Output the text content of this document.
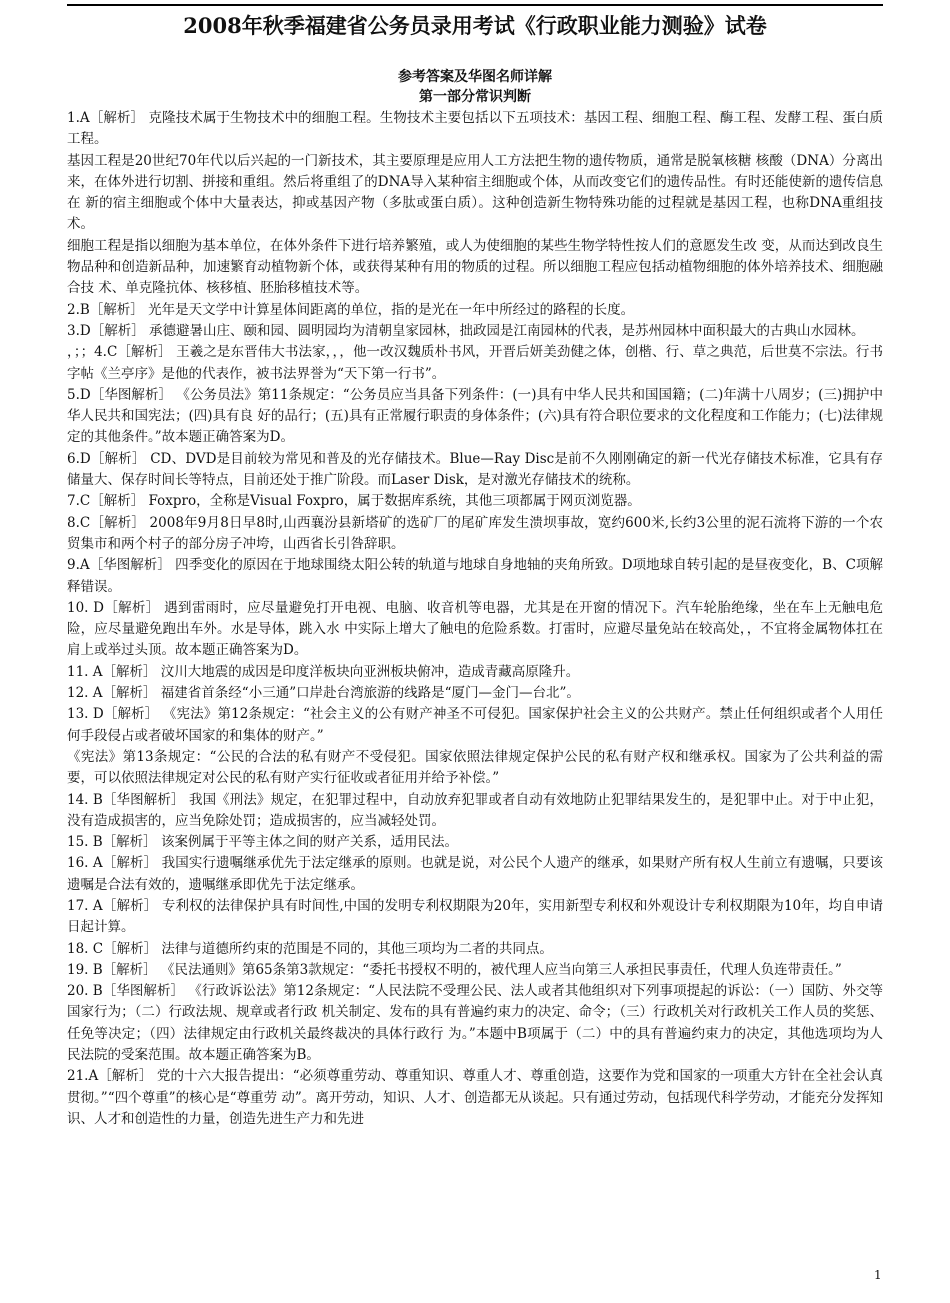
2008年秋季福建省公务员录用考试《行政职业能力测验》试卷
参考答案及华图名师详解
第一部分常识判断

1.A［解析］ 克隆技术属于生物技术中的细胞工程。生物技术主要包括以下五项技术：基因工程、细胞工程、酶工程、发酵工程、蛋白质工程。

基因工程是20世纪70年代以后兴起的一门新技术，其主要原理是应用人工方法把生物的遗传物质，通常是脱氧核糖 核酸（DNA）分离出来，在体外进行切割、拼接和重组。然后将重组了的DNA导入某种宿主细胞或个体，从而改变它们的遗传品性。有时还能使新的遗传信息在 新的宿主细胞或个体中大量表达，抑或基因产物（多肽或蛋白质）。这种创造新生物特殊功能的过程就是基因工程，也称DNA重组技术。

细胞工程是指以细胞为基本单位，在体外条件下进行培养繁殖，或人为使细胞的某些生物学特性按人们的意愿发生改 变，从而达到改良生物品种和创造新品种，加速繁育动植物新个体，或获得某种有用的物质的过程。所以细胞工程应包括动植物细胞的体外培养技术、细胞融合技 术、单克隆抗体、核移植、胚胎移植技术等。

2.B［解析］ 光年是天文学中计算星体间距离的单位，指的是光在一年中所经过的路程的长度。

3.D［解析］ 承德避暑山庄、颐和园、圆明园均为清朝皇家园林，拙政园是江南园林的代表，是苏州园林中面积最大的古典山水园林。

，；；4.C［解析］ 王羲之是东晋伟大书法家，，，他一改汉魏质朴书风，开晋后妍美劲健之体，创楷、行、草之典范，后世莫不宗法。行书字帖《兰亭序》是他的代表作，被书法界誉为“天下第一行书”。

5.D［华图解析］ 《公务员法》第11条规定：“公务员应当具备下列条件：(一)具有中华人民共和国国籍；(二)年满十八周岁；(三)拥护中华人民共和国宪法；(四)具有良 好的品行；(五)具有正常履行职责的身体条件；(六)具有符合职位要求的文化程度和工作能力；(七)法律规定的其他条件。”故本题正确答案为D。

6.D［解析］ CD、DVD是目前较为常见和普及的光存储技术。Blue—Ray Disc是前不久刚刚确定的新一代光存储技术标准，它具有存储量大、保存时间长等特点，目前还处于推广阶段。而Laser Disk，是对激光存储技术的统称。

7.C［解析］ Foxpro，全称是Visual Foxpro，属于数据库系统，其他三项都属于网页浏览器。

8.C［解析］ 2008年9月8日早8时,山西襄汾县新塔矿的选矿厂的尾矿库发生溃坝事故，宽约600米,长约3公里的泥石流将下游的一个农贸集市和两个村子的部分房子冲垮，山西省长引咎辞职。

9.A［华图解析］ 四季变化的原因在于地球围绕太阳公转的轨道与地球自身地轴的夹角所致。D项地球自转引起的是昼夜变化，B、C项解释错误。

10. D［解析］ 遇到雷雨时，应尽量避免打开电视、电脑、收音机等电器，尤其是在开窗的情况下。汽车轮胎绝缘，坐在车上无触电危险，应尽量避免跑出车外。水是导体，跳入水 中实际上增大了触电的危险系数。打雷时，应避尽量免站在较高处，，不宜将金属物体扛在肩上或举过头顶。故本题正确答案为D。

11. A［解析］ 汶川大地震的成因是印度洋板块向亚洲板块俯冲，造成青藏高原隆升。

12. A［解析］ 福建省首条经“小三通”口岸赴台湾旅游的线路是“厦门—金门—台北”。

13. D［解析］ 《宪法》第12条规定：“社会主义的公有财产神圣不可侵犯。国家保护社会主义的公共财产。禁止任何组织或者个人用任何手段侵占或者破坏国家的和集体的财产。”

《宪法》第13条规定：“公民的合法的私有财产不受侵犯。国家依照法律规定保护公民的私有财产权和继承权。国家为了公共利益的需要，可以依照法律规定对公民的私有财产实行征收或者征用并给予补偿。”

14. B［华图解析］ 我国《刑法》规定，在犯罪过程中，自动放弃犯罪或者自动有效地防止犯罪结果发生的，是犯罪中止。对于中止犯，没有造成损害的，应当免除处罚；造成损害的，应当减轻处罚。

15. B［解析］ 该案例属于平等主体之间的财产关系，适用民法。

16. A［解析］ 我国实行遗嘱继承优先于法定继承的原则。也就是说，对公民个人遗产的继承，如果财产所有权人生前立有遗嘱，只要该遗嘱是合法有效的，遗嘱继承即优先于法定继承。

17. A［解析］ 专利权的法律保护具有时间性,中国的发明专利权期限为20年，实用新型专利权和外观设计专利权期限为10年，均自申请日起计算。

18. C［解析］ 法律与道德所约束的范围是不同的，其他三项均为二者的共同点。

19. B［解析］ 《民法通则》第65条第3款规定：“委托书授权不明的，被代理人应当向第三人承担民事责任，代理人负连带责任。”

20. B［华图解析］ 《行政诉讼法》第12条规定：“人民法院不受理公民、法人或者其他组织对下列事项提起的诉讼：（一）国防、外交等国家行为；（二）行政法规、规章或者行政 机关制定、发布的具有普遍约束力的决定、命令；（三）行政机关对行政机关工作人员的奖惩、任免等决定；（四）法律规定由行政机关最终裁决的具体行政行 为。”本题中B项属于（二）中的具有普遍约束力的决定，其他选项均为人民法院的受案范围。故本题正确答案为B。

21.A［解析］ 党的十六大报告提出：“必须尊重劳动、尊重知识、尊重人才、尊重创造，这要作为党和国家的一项重大方针在全社会认真贯彻。”“四个尊重”的核心是“尊重劳 动”。离开劳动，知识、人才、创造都无从谈起。只有通过劳动，包括现代科学劳动，才能充分发挥知识、人才和创造性的力量，创造先进生产力和先进

1
